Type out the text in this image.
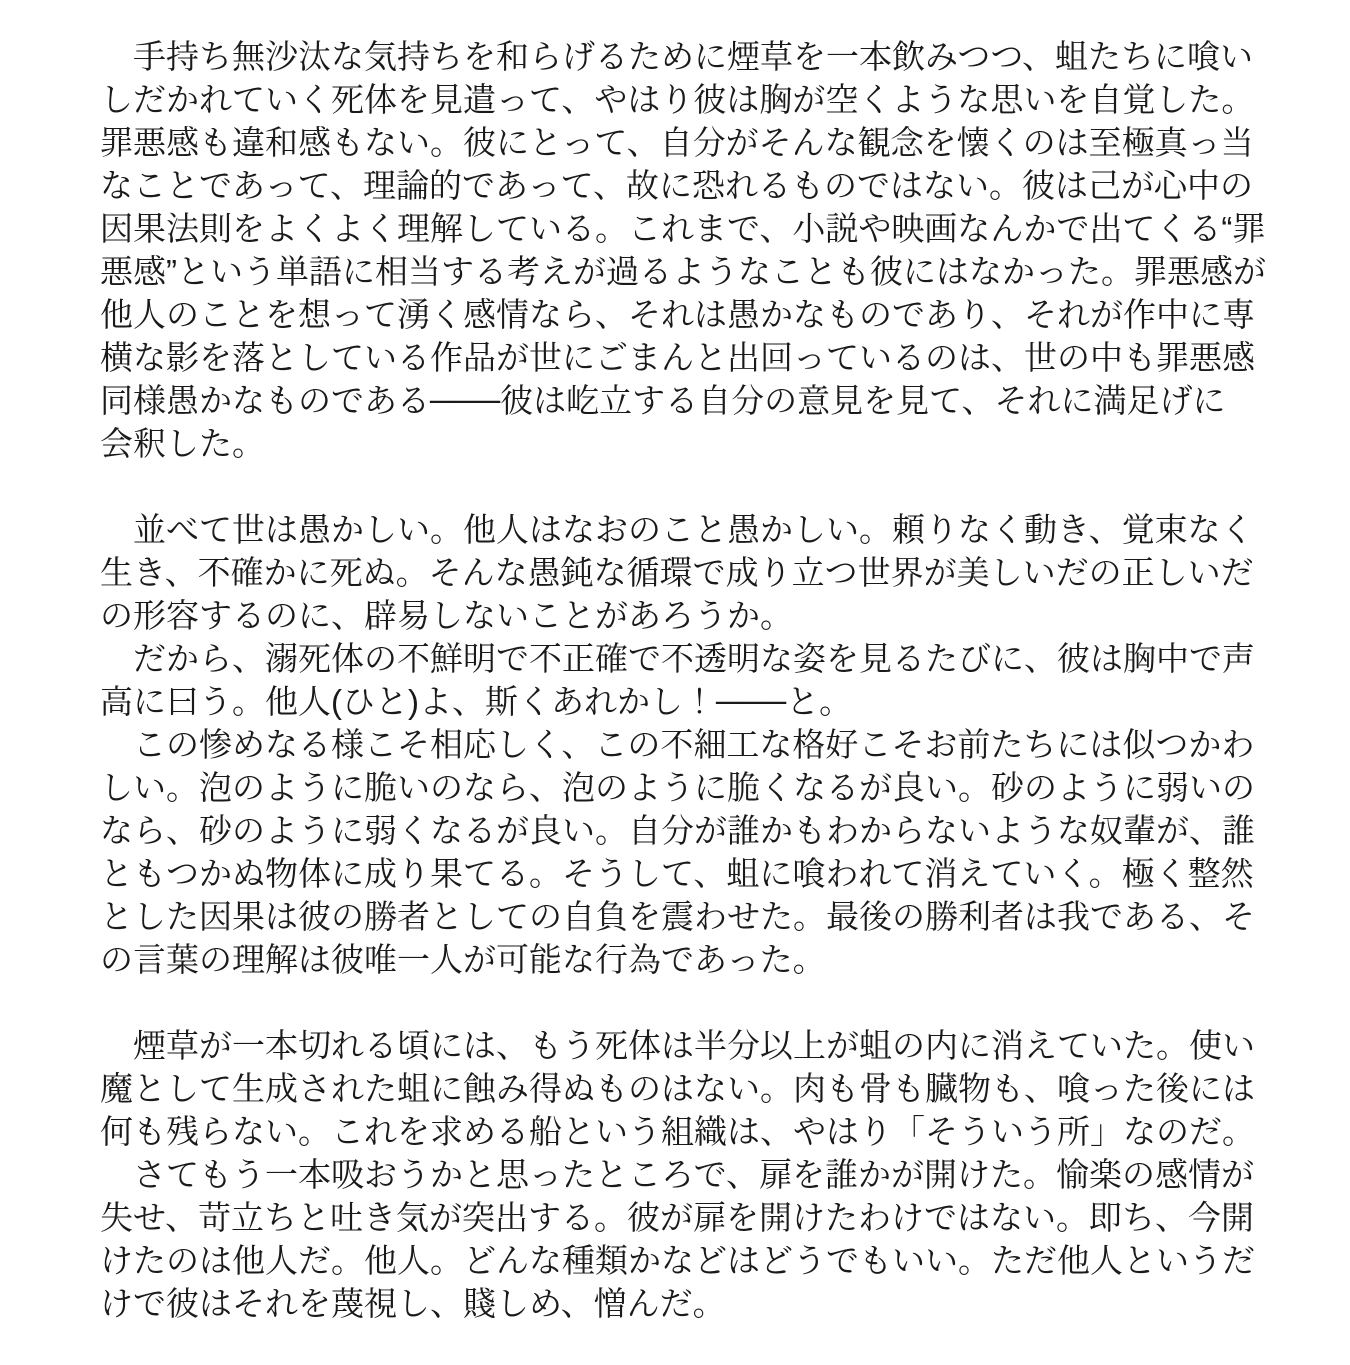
　手持ち無沙汰な気持ちを和らげるために煙草を一本飲みつつ、蛆たちに喰い
しだかれていく死体を見遣って、やはり彼は胸が空くような思いを自覚した。
罪悪感も違和感もない。彼にとって、自分がそんな観念を懐くのは至極真っ当
なことであって、理論的であって、故に恐れるものではない。彼は己が心中の
因果法則をよくよく理解している。これまで、小説や映画なんかで出てくる“罪
悪感”という単語に相当する考えが過るようなことも彼にはなかった。罪悪感が
他人のことを想って湧く感情なら、それは愚かなものであり、それが作中に専
横な影を落としている作品が世にごまんと出回っているのは、世の中も罪悪感
同様愚かなものである───彼は屹立する自分の意見を見て、それに満足げに
会釈した。
　並べて世は愚かしい。他人はなおのこと愚かしい。頼りなく動き、覚束なく
生き、不確かに死ぬ。そんな愚鈍な循環で成り立つ世界が美しいだの正しいだ
の形容するのに、辟易しないことがあろうか。
　だから、溺死体の不鮮明で不正確で不透明な姿を見るたびに、彼は胸中で声
高に曰う。他人(ひと)よ、斯くあれかし！───と。
　この惨めなる様こそ相応しく、この不細工な格好こそお前たちには似つかわ
しい。泡のように脆いのなら、泡のように脆くなるが良い。砂のように弱いの
なら、砂のように弱くなるが良い。自分が誰かもわからないような奴輩が、誰
ともつかぬ物体に成り果てる。そうして、蛆に喰われて消えていく。極く整然
とした因果は彼の勝者としての自負を震わせた。最後の勝利者は我である、そ
の言葉の理解は彼唯一人が可能な行為であった。
　煙草が一本切れる頃には、もう死体は半分以上が蛆の内に消えていた。使い
魔として生成された蛆に蝕み得ぬものはない。肉も骨も臓物も、喰った後には
何も残らない。これを求める船という組織は、やはり「そういう所」なのだ。
　さてもう一本吸おうかと思ったところで、扉を誰かが開けた。愉楽の感情が
失せ、苛立ちと吐き気が突出する。彼が扉を開けたわけではない。即ち、今開
けたのは他人だ。他人。どんな種類かなどはどうでもいい。ただ他人というだ
けで彼はそれを蔑視し、賤しめ、憎んだ。
